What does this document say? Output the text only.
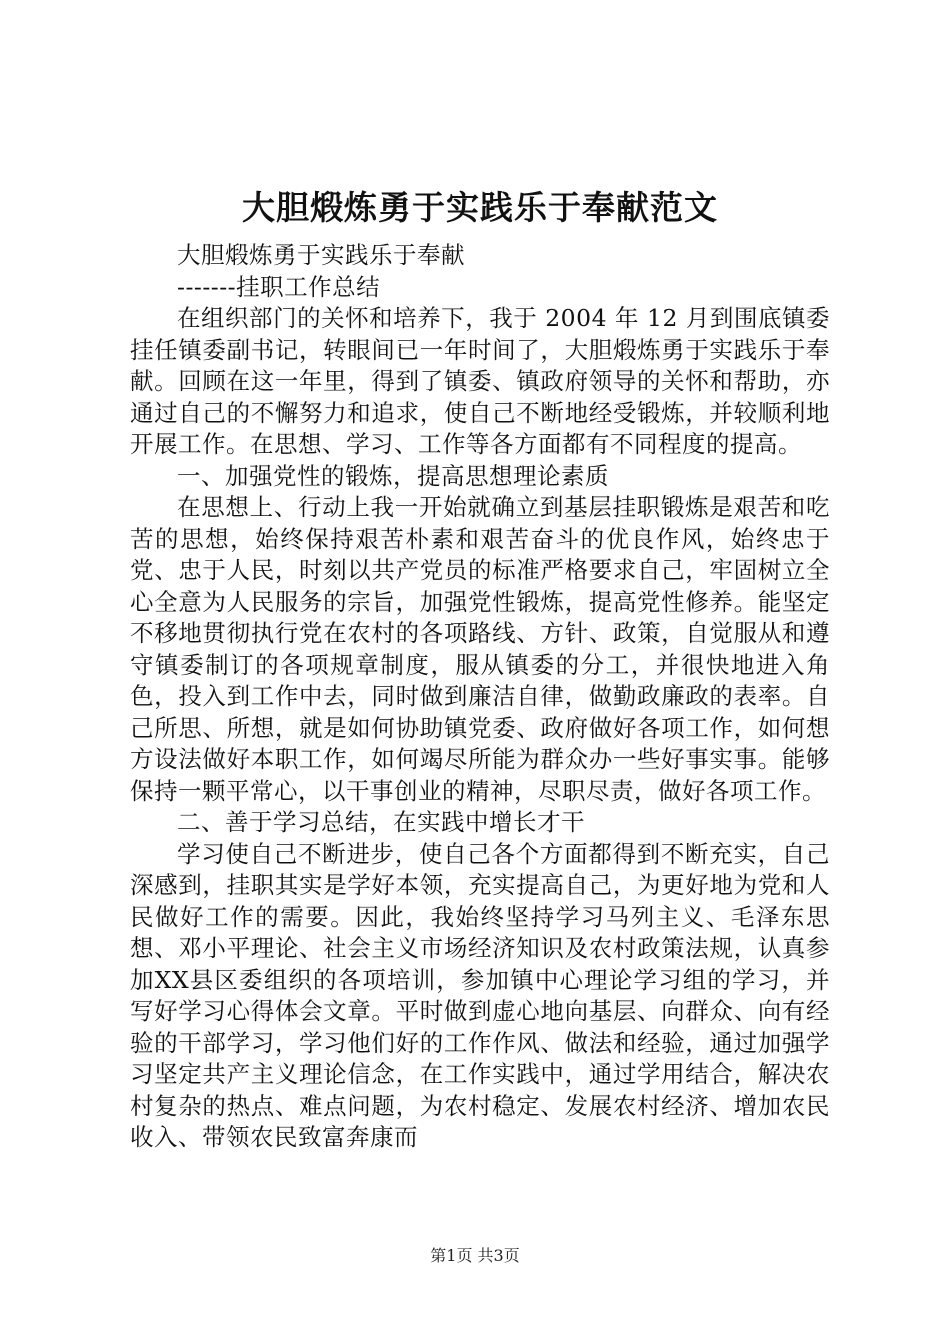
大胆煅炼勇于实践乐于奉献范文

大胆煅炼勇于实践乐于奉献

-------挂职工作总结

在组织部门的关怀和培养下，我于 2004 年 12 月到围底镇委挂任镇委副书记，转眼间已一年时间了，大胆煅炼勇于实践乐于奉献。回顾在这一年里，得到了镇委、镇政府领导的关怀和帮助，亦通过自己的不懈努力和追求，使自己不断地经受锻炼，并较顺利地开展工作。在思想、学习、工作等各方面都有不同程度的提高。

一、加强党性的锻炼，提高思想理论素质

在思想上、行动上我一开始就确立到基层挂职锻炼是艰苦和吃苦的思想，始终保持艰苦朴素和艰苦奋斗的优良作风，始终忠于党、忠于人民，时刻以共产党员的标准严格要求自己，牢固树立全心全意为人民服务的宗旨，加强党性锻炼，提高党性修养。能坚定不移地贯彻执行党在农村的各项路线、方针、政策，自觉服从和遵守镇委制订的各项规章制度，服从镇委的分工，并很快地进入角色，投入到工作中去，同时做到廉洁自律，做勤政廉政的表率。自己所思、所想，就是如何协助镇党委、政府做好各项工作，如何想方设法做好本职工作，如何竭尽所能为群众办一些好事实事。能够保持一颗平常心，以干事创业的精神，尽职尽责，做好各项工作。

二、善于学习总结，在实践中增长才干

学习使自己不断进步，使自己各个方面都得到不断充实，自己深感到，挂职其实是学好本领，充实提高自己，为更好地为党和人民做好工作的需要。因此，我始终坚持学习马列主义、毛泽东思想、邓小平理论、社会主义市场经济知识及农村政策法规，认真参加XX县区委组织的各项培训，参加镇中心理论学习组的学习，并写好学习心得体会文章。平时做到虚心地向基层、向群众、向有经验的干部学习，学习他们好的工作作风、做法和经验，通过加强学习坚定共产主义理论信念，在工作实践中，通过学用结合，解决农村复杂的热点、难点问题，为农村稳定、发展农村经济、增加农民收入、带领农民致富奔康而

第1页 共3页
